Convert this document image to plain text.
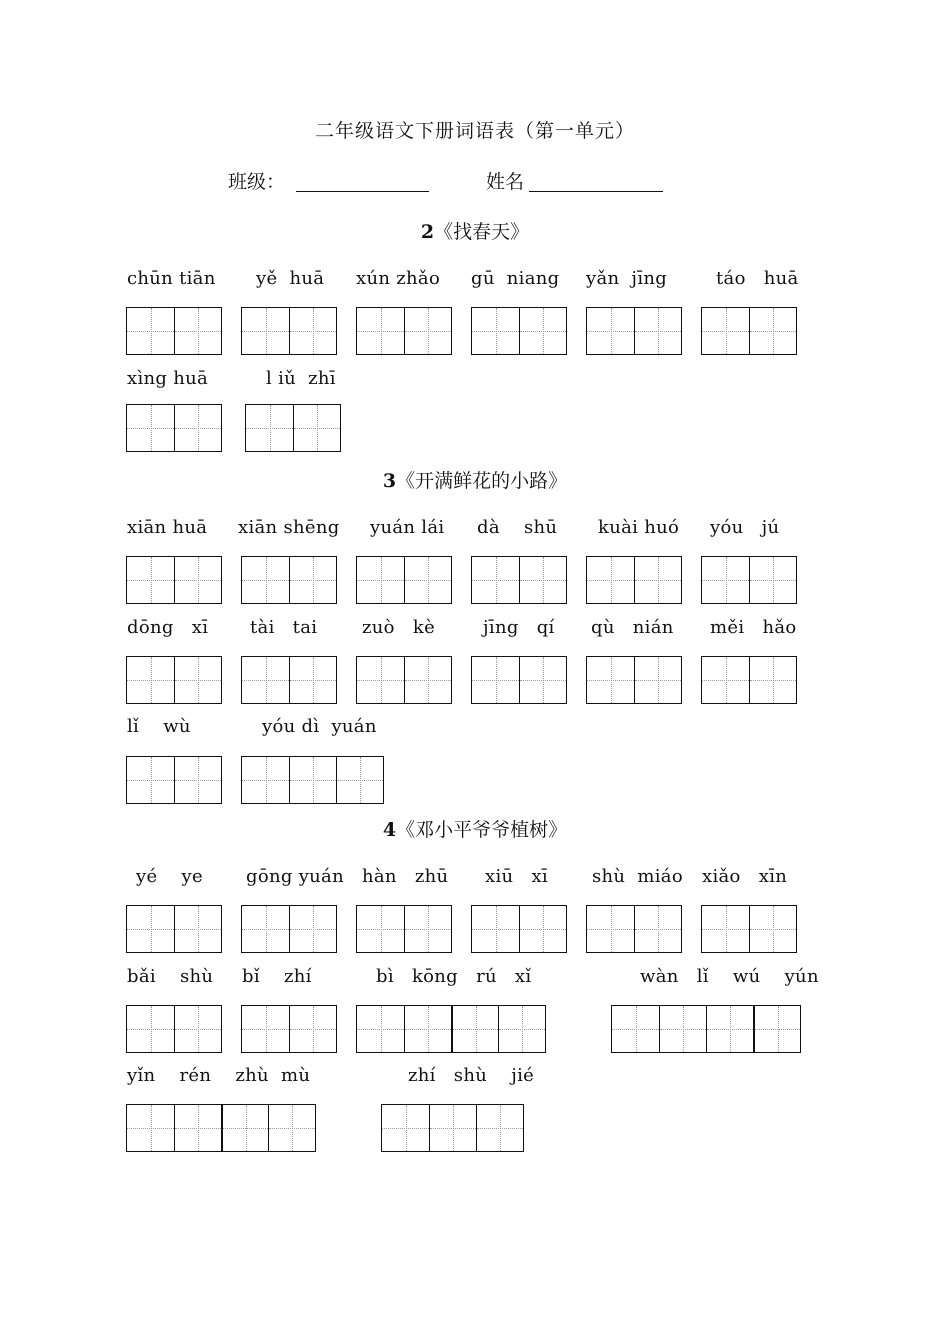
二年级语文下册词语表（第一单元）
班级：	姓名
2《找春天》
chūn tiān yě  huā xún zhǎo gū  niang yǎn  jīng	táo   huā
xìng huā	l iǔ  zhī
3《开满鲜花的小路》
xiān huā xiān shēng yuán lái dà    shū kuài huó yóu   jú
dōng   xī tài   tai zuò   kè	jīng   qí qù   nián měi   hǎo
lǐ    wù	yóu dì  yuán
4《邓小平爷爷植树》
yé    ye gōng yuán hàn   zhū xiū   xī shù  miáo xiǎo   xīn
bǎi    shù bǐ    zhí	bì   kōng   rú   xǐ	wàn   lǐ    wú    yún
yǐn    rén    zhù  mù	zhí   shù    jié
